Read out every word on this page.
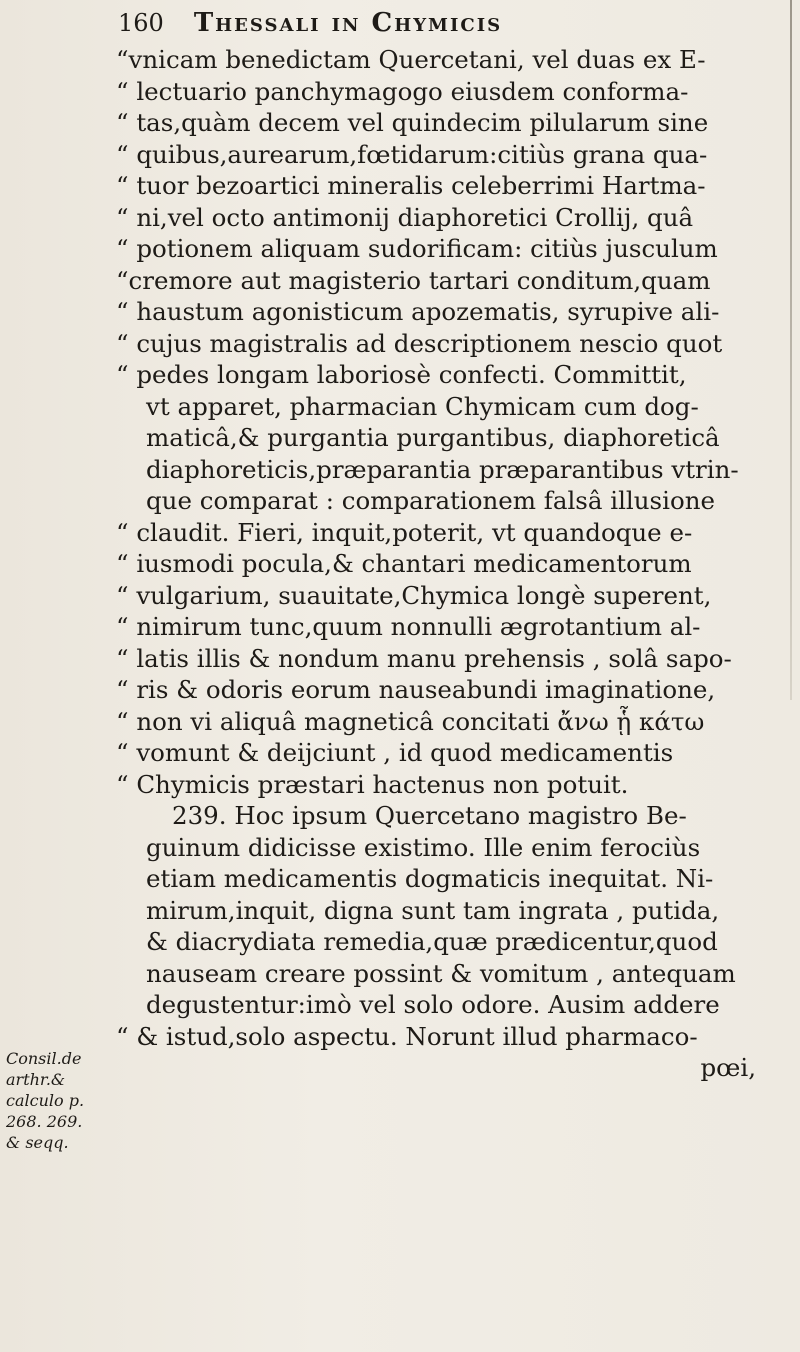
160 Thessali in Chymicis
“vnicam benedictam Quercetani, vel duas ex E-
“ lectuario panchymagogo eiusdem conforma-
“ tas,quàm decem vel quindecim pilularum sine
“ quibus,aurearum,fœtidarum:citiùs grana qua-
“ tuor bezoartici mineralis celeberrimi Hartma-
“ ni,vel octo antimonij diaphoretici Crollij, quâ
“ potionem aliquam sudorificam: citiùs jusculum
“cremore aut magisterio tartari conditum,quam
“ haustum agonisticum apozematis, syrupive ali-
“ cujus magistralis ad descriptionem nescio quot
“ pedes longam laboriosè confecti. Committit,
vt apparet, pharmacian Chymicam cum dog-
maticâ,& purgantia purgantibus, diaphoreticâ
diaphoreticis,præparantia præparantibus vtrin-
que comparat : comparationem falsâ illusione
“ claudit. Fieri, inquit,poterit, vt quandoque e-
“ iusmodi pocula,& chantari medicamentorum
“ vulgarium, suauitate,Chymica longè superent,
“ nimirum tunc,quum nonnulli ægrotantium al-
“ latis illis & nondum manu prehensis , solâ sapo-
“ ris & odoris eorum nauseabundi imaginatione,
“ non vi aliquâ magneticâ concitati ἄνω ᾗ κάτω
“ vomunt & deijciunt , id quod medicamentis
“ Chymicis præstari hactenus non potuit.
239. Hoc ipsum Quercetano magistro Be-
guinum didicisse existimo. Ille enim ferociùs
etiam medicamentis dogmaticis inequitat. Ni-
mirum,inquit, digna sunt tam ingrata , putida,
& diacrydiata remedia,quæ prædicentur,quod
nauseam creare possint & vomitum , antequam
degustentur:imò vel solo odore. Ausim addere
“ & istud,solo aspectu. Norunt illud pharmaco-
pœi,
Consil.de
arthr.&
calculo p.
268. 269.
& seqq.
